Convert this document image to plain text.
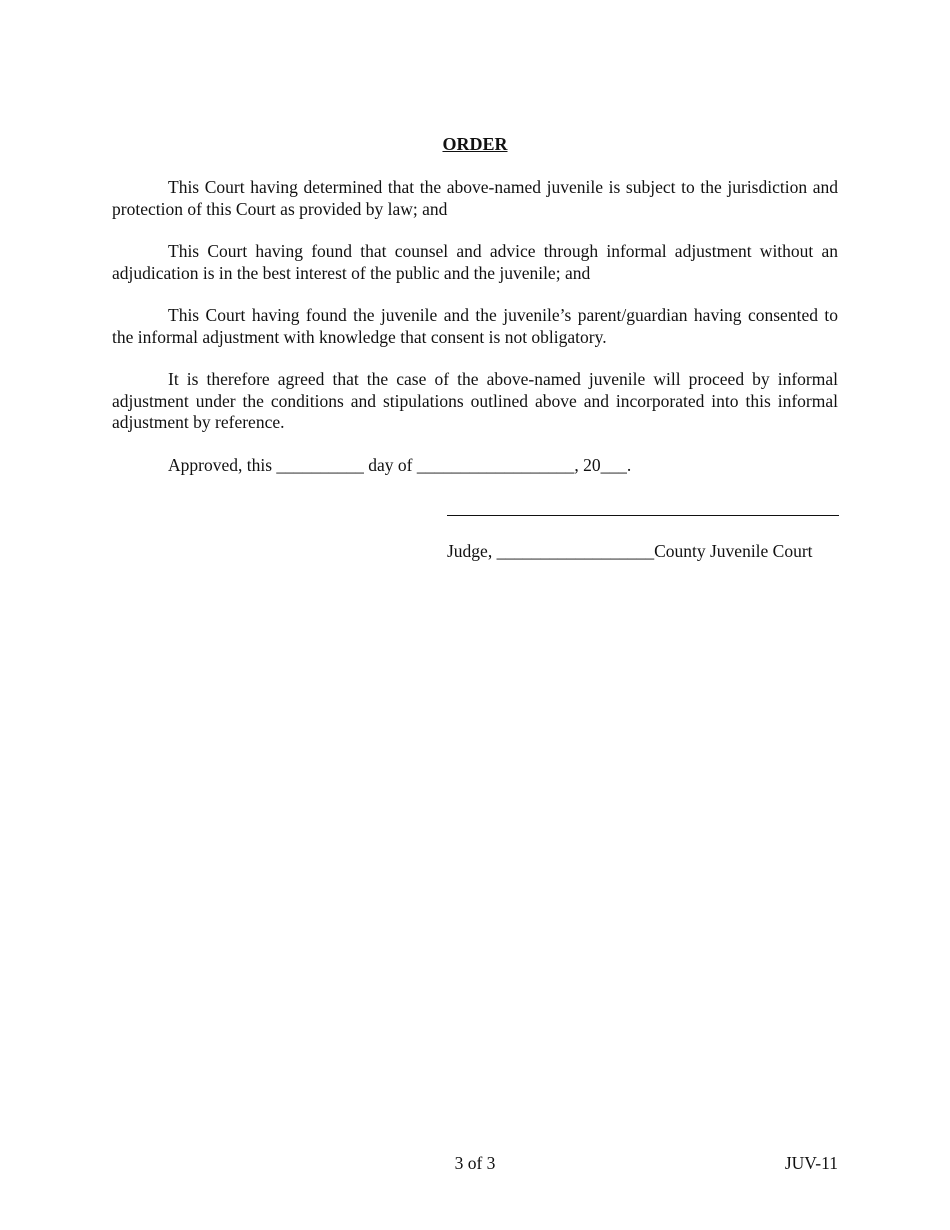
ORDER

This Court having determined that the above-named juvenile is subject to the jurisdiction and protection of this Court as provided by law; and

This Court having found that counsel and advice through informal adjustment without an adjudication is in the best interest of the public and the juvenile; and

This Court having found the juvenile and the juvenile’s parent/guardian having consented to the informal adjustment with knowledge that consent is not obligatory.

It is therefore agreed that the case of the above-named juvenile will proceed by informal adjustment under the conditions and stipulations outlined above and incorporated into this informal adjustment by reference.

Approved, this __________ day of __________________, 20___.
Judge, __________________County Juvenile Court
3 of 3	JUV-11
